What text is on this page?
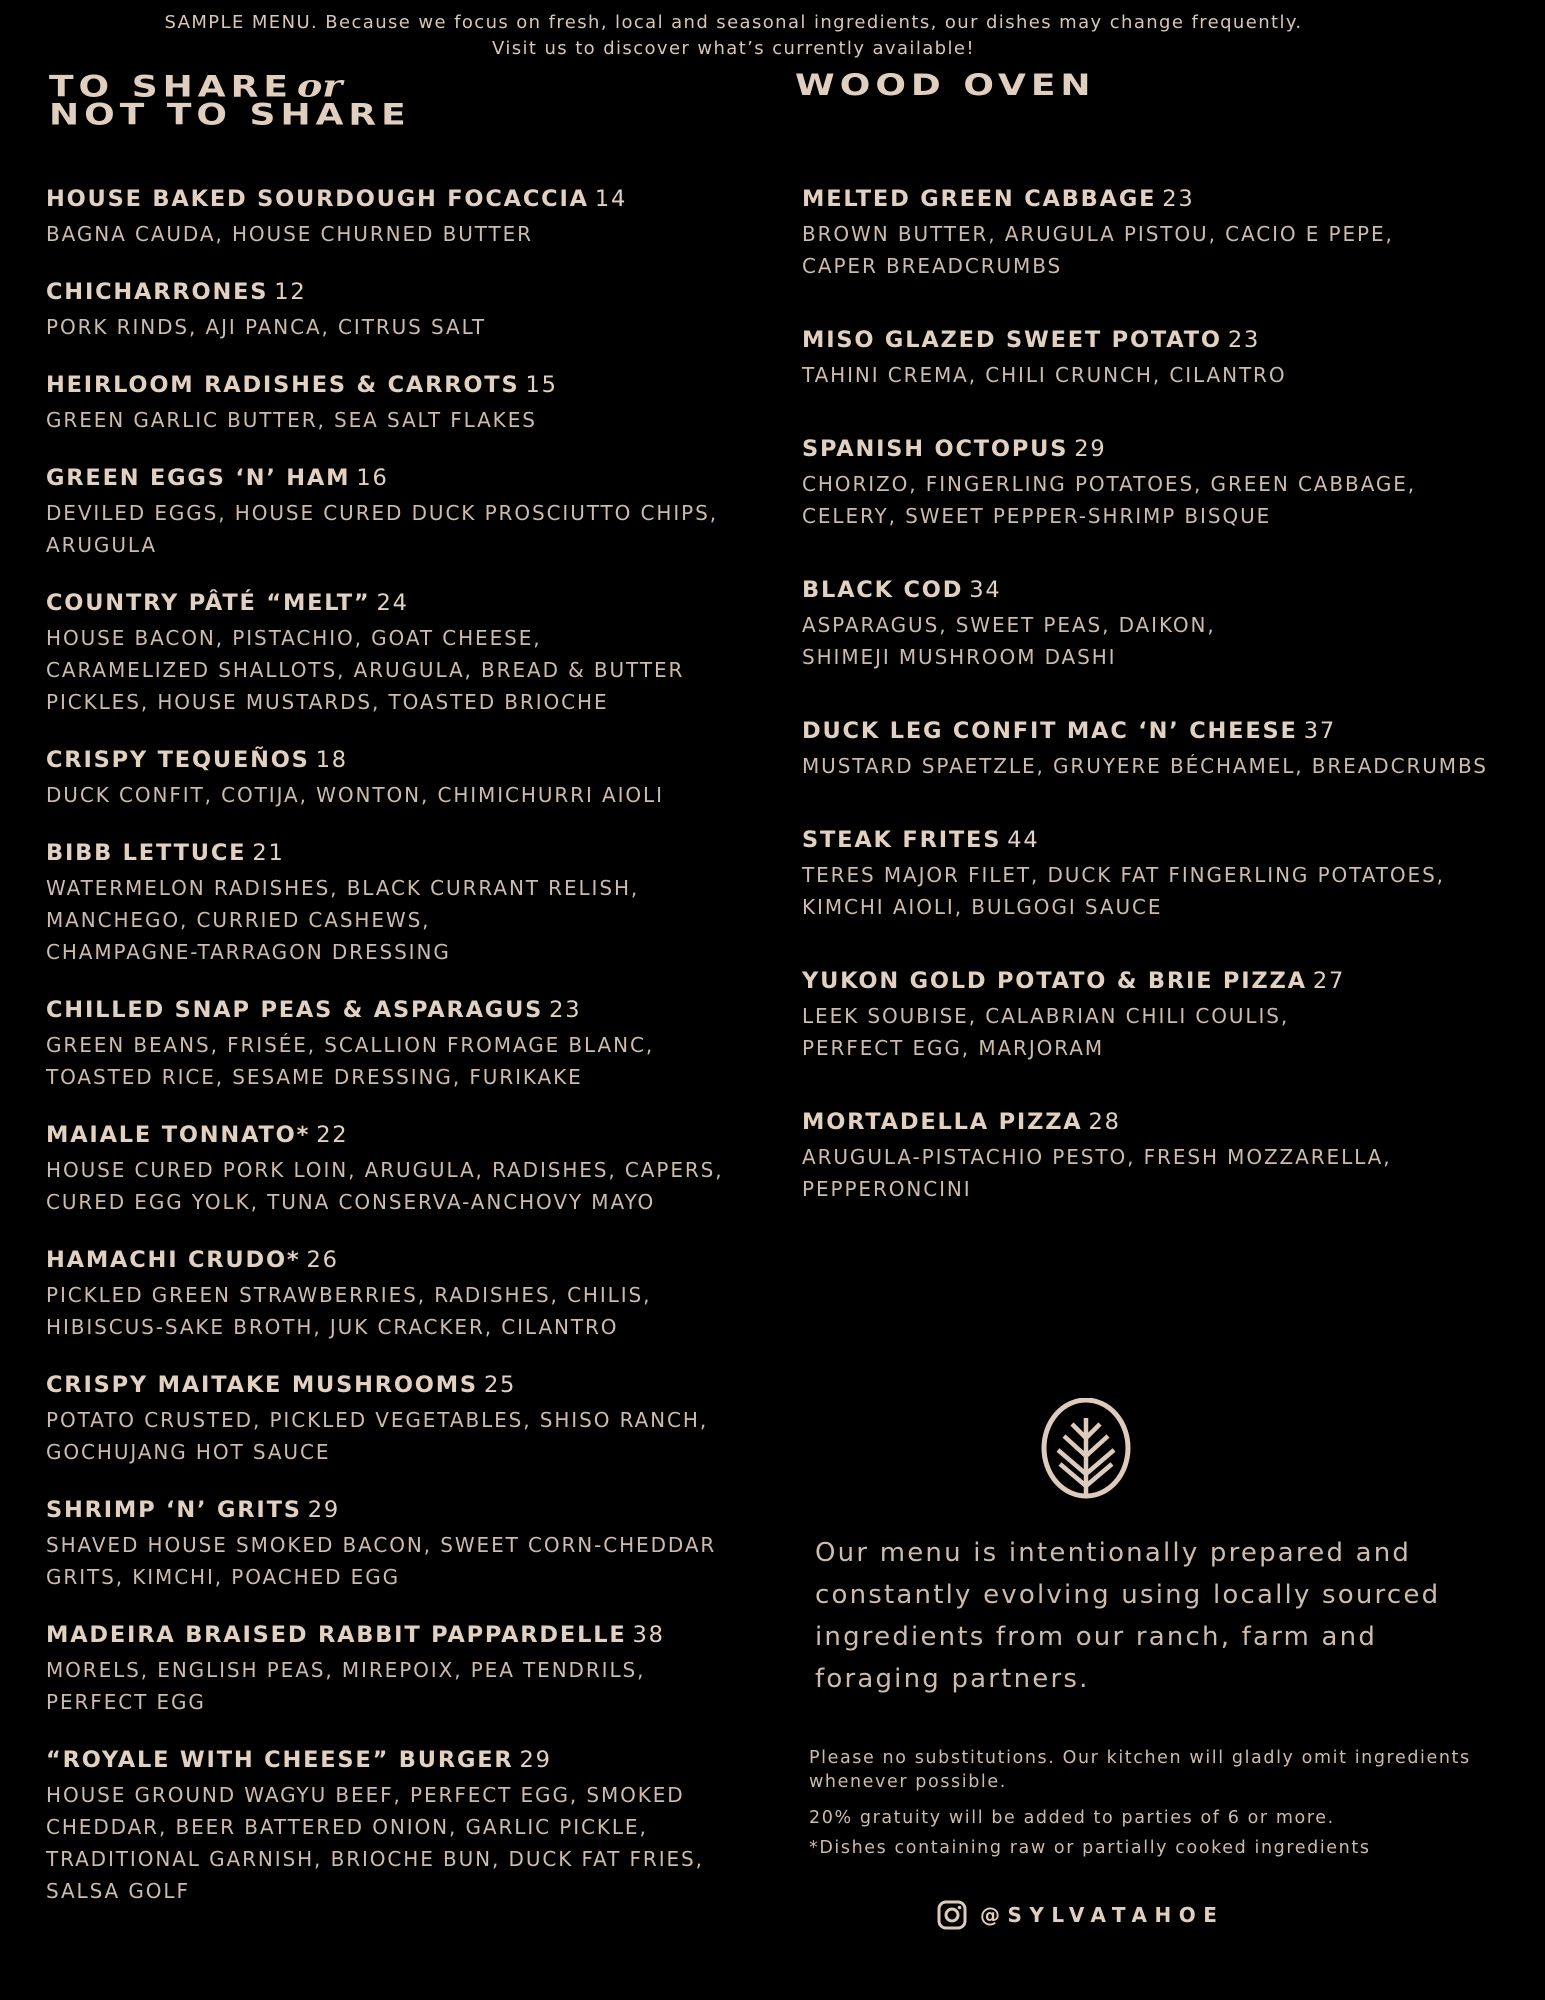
SAMPLE MENU. Because we focus on fresh, local and seasonal ingredients, our dishes may change frequently.
Visit us to discover what’s currently available!
TO SHARE or
NOT TO SHARE
WOOD OVEN
HOUSE BAKED SOURDOUGH FOCACCIA 14
BAGNA CAUDA, HOUSE CHURNED BUTTER
CHICHARRONES 12
PORK RINDS, AJI PANCA, CITRUS SALT
HEIRLOOM RADISHES & CARROTS 15
GREEN GARLIC BUTTER, SEA SALT FLAKES
GREEN EGGS ‘N’ HAM 16
DEVILED EGGS, HOUSE CURED DUCK PROSCIUTTO CHIPS,
ARUGULA
COUNTRY PÂTÉ “MELT” 24
HOUSE BACON, PISTACHIO, GOAT CHEESE,
CARAMELIZED SHALLOTS, ARUGULA, BREAD & BUTTER
PICKLES, HOUSE MUSTARDS, TOASTED BRIOCHE
CRISPY TEQUEÑOS 18
DUCK CONFIT, COTIJA, WONTON, CHIMICHURRI AIOLI
BIBB LETTUCE 21
WATERMELON RADISHES, BLACK CURRANT RELISH,
MANCHEGO, CURRIED CASHEWS,
CHAMPAGNE-TARRAGON DRESSING
CHILLED SNAP PEAS & ASPARAGUS 23
GREEN BEANS, FRISÉE, SCALLION FROMAGE BLANC,
TOASTED RICE, SESAME DRESSING, FURIKAKE
MAIALE TONNATO* 22
HOUSE CURED PORK LOIN, ARUGULA, RADISHES, CAPERS,
CURED EGG YOLK, TUNA CONSERVA-ANCHOVY MAYO
HAMACHI CRUDO* 26
PICKLED GREEN STRAWBERRIES, RADISHES, CHILIS,
HIBISCUS-SAKE BROTH, JUK CRACKER, CILANTRO
CRISPY MAITAKE MUSHROOMS 25
POTATO CRUSTED, PICKLED VEGETABLES, SHISO RANCH,
GOCHUJANG HOT SAUCE
SHRIMP ‘N’ GRITS 29
SHAVED HOUSE SMOKED BACON, SWEET CORN-CHEDDAR
GRITS, KIMCHI, POACHED EGG
MADEIRA BRAISED RABBIT PAPPARDELLE 38
MORELS, ENGLISH PEAS, MIREPOIX, PEA TENDRILS,
PERFECT EGG
“ROYALE WITH CHEESE” BURGER 29
HOUSE GROUND WAGYU BEEF, PERFECT EGG, SMOKED
CHEDDAR, BEER BATTERED ONION, GARLIC PICKLE,
TRADITIONAL GARNISH, BRIOCHE BUN, DUCK FAT FRIES,
SALSA GOLF
MELTED GREEN CABBAGE 23
BROWN BUTTER, ARUGULA PISTOU, CACIO E PEPE,
CAPER BREADCRUMBS
MISO GLAZED SWEET POTATO 23
TAHINI CREMA, CHILI CRUNCH, CILANTRO
SPANISH OCTOPUS 29
CHORIZO, FINGERLING POTATOES, GREEN CABBAGE,
CELERY, SWEET PEPPER-SHRIMP BISQUE
BLACK COD 34
ASPARAGUS, SWEET PEAS, DAIKON,
SHIMEJI MUSHROOM DASHI
DUCK LEG CONFIT MAC ‘N’ CHEESE 37
MUSTARD SPAETZLE, GRUYERE BÉCHAMEL, BREADCRUMBS
STEAK FRITES 44
TERES MAJOR FILET, DUCK FAT FINGERLING POTATOES,
KIMCHI AIOLI, BULGOGI SAUCE
YUKON GOLD POTATO & BRIE PIZZA 27
LEEK SOUBISE, CALABRIAN CHILI COULIS,
PERFECT EGG, MARJORAM
MORTADELLA PIZZA 28
ARUGULA-PISTACHIO PESTO, FRESH MOZZARELLA,
PEPPERONCINI
Our menu is intentionally prepared and
constantly evolving using locally sourced
ingredients from our ranch, farm and
foraging partners.
Please no substitutions. Our kitchen will gladly omit ingredients
whenever possible.
20% gratuity will be added to parties of 6 or more.
*Dishes containing raw or partially cooked ingredients
@SYLVATAHOE
